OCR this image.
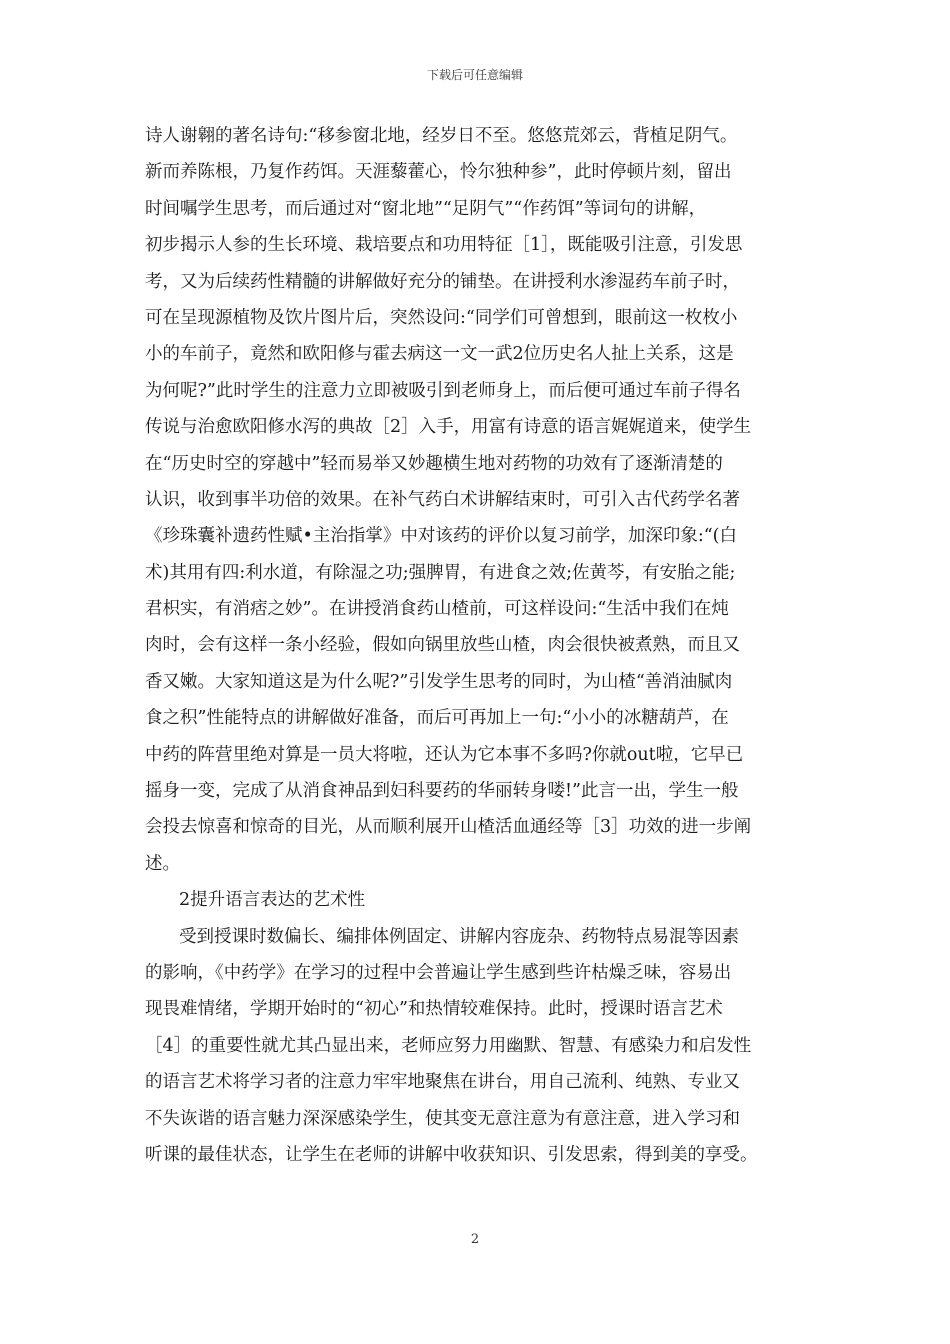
下载后可任意编辑
诗人谢翱的著名诗句:“移参窗北地，经岁日不至。悠悠荒郊云，背植足阴气。
新而养陈根，乃复作药饵。天涯藜藿心，怜尔独种参”，此时停顿片刻，留出
时间嘱学生思考，而后通过对“窗北地”“足阴气”“作药饵”等词句的讲解，
初步揭示人参的生长环境、栽培要点和功用特征［1］，既能吸引注意，引发思
考，又为后续药性精髓的讲解做好充分的铺垫。在讲授利水渗湿药车前子时，
可在呈现源植物及饮片图片后，突然设问:“同学们可曾想到，眼前这一枚枚小
小的车前子，竟然和欧阳修与霍去病这一文一武2位历史名人扯上关系，这是
为何呢?”此时学生的注意力立即被吸引到老师身上，而后便可通过车前子得名
传说与治愈欧阳修水泻的典故［2］入手，用富有诗意的语言娓娓道来，使学生
在“历史时空的穿越中”轻而易举又妙趣横生地对药物的功效有了逐渐清楚的
认识，收到事半功倍的效果。在补气药白术讲解结束时，可引入古代药学名著
《珍珠囊补遗药性赋•主治指掌》中对该药的评价以复习前学，加深印象:“(白
术)其用有四:利水道，有除湿之功;强脾胃，有进食之效;佐黄芩，有安胎之能;
君枳实，有消痞之妙”。在讲授消食药山楂前，可这样设问:“生活中我们在炖
肉时，会有这样一条小经验，假如向锅里放些山楂，肉会很快被煮熟，而且又
香又嫩。大家知道这是为什么呢?”引发学生思考的同时，为山楂“善消油腻肉
食之积”性能特点的讲解做好准备，而后可再加上一句:“小小的冰糖葫芦，在
中药的阵营里绝对算是一员大将啦，还认为它本事不多吗?你就out啦，它早已
摇身一变，完成了从消食神品到妇科要药的华丽转身喽!”此言一出，学生一般
会投去惊喜和惊奇的目光，从而顺利展开山楂活血通经等［3］功效的进一步阐
述。
2提升语言表达的艺术性
受到授课时数偏长、编排体例固定、讲解内容庞杂、药物特点易混等因素
的影响，《中药学》在学习的过程中会普遍让学生感到些许枯燥乏味，容易出
现畏难情绪，学期开始时的“初心”和热情较难保持。此时，授课时语言艺术
［4］的重要性就尤其凸显出来，老师应努力用幽默、智慧、有感染力和启发性
的语言艺术将学习者的注意力牢牢地聚焦在讲台，用自己流利、纯熟、专业又
不失诙谐的语言魅力深深感染学生，使其变无意注意为有意注意，进入学习和
听课的最佳状态，让学生在老师的讲解中收获知识、引发思索，得到美的享受。
2
